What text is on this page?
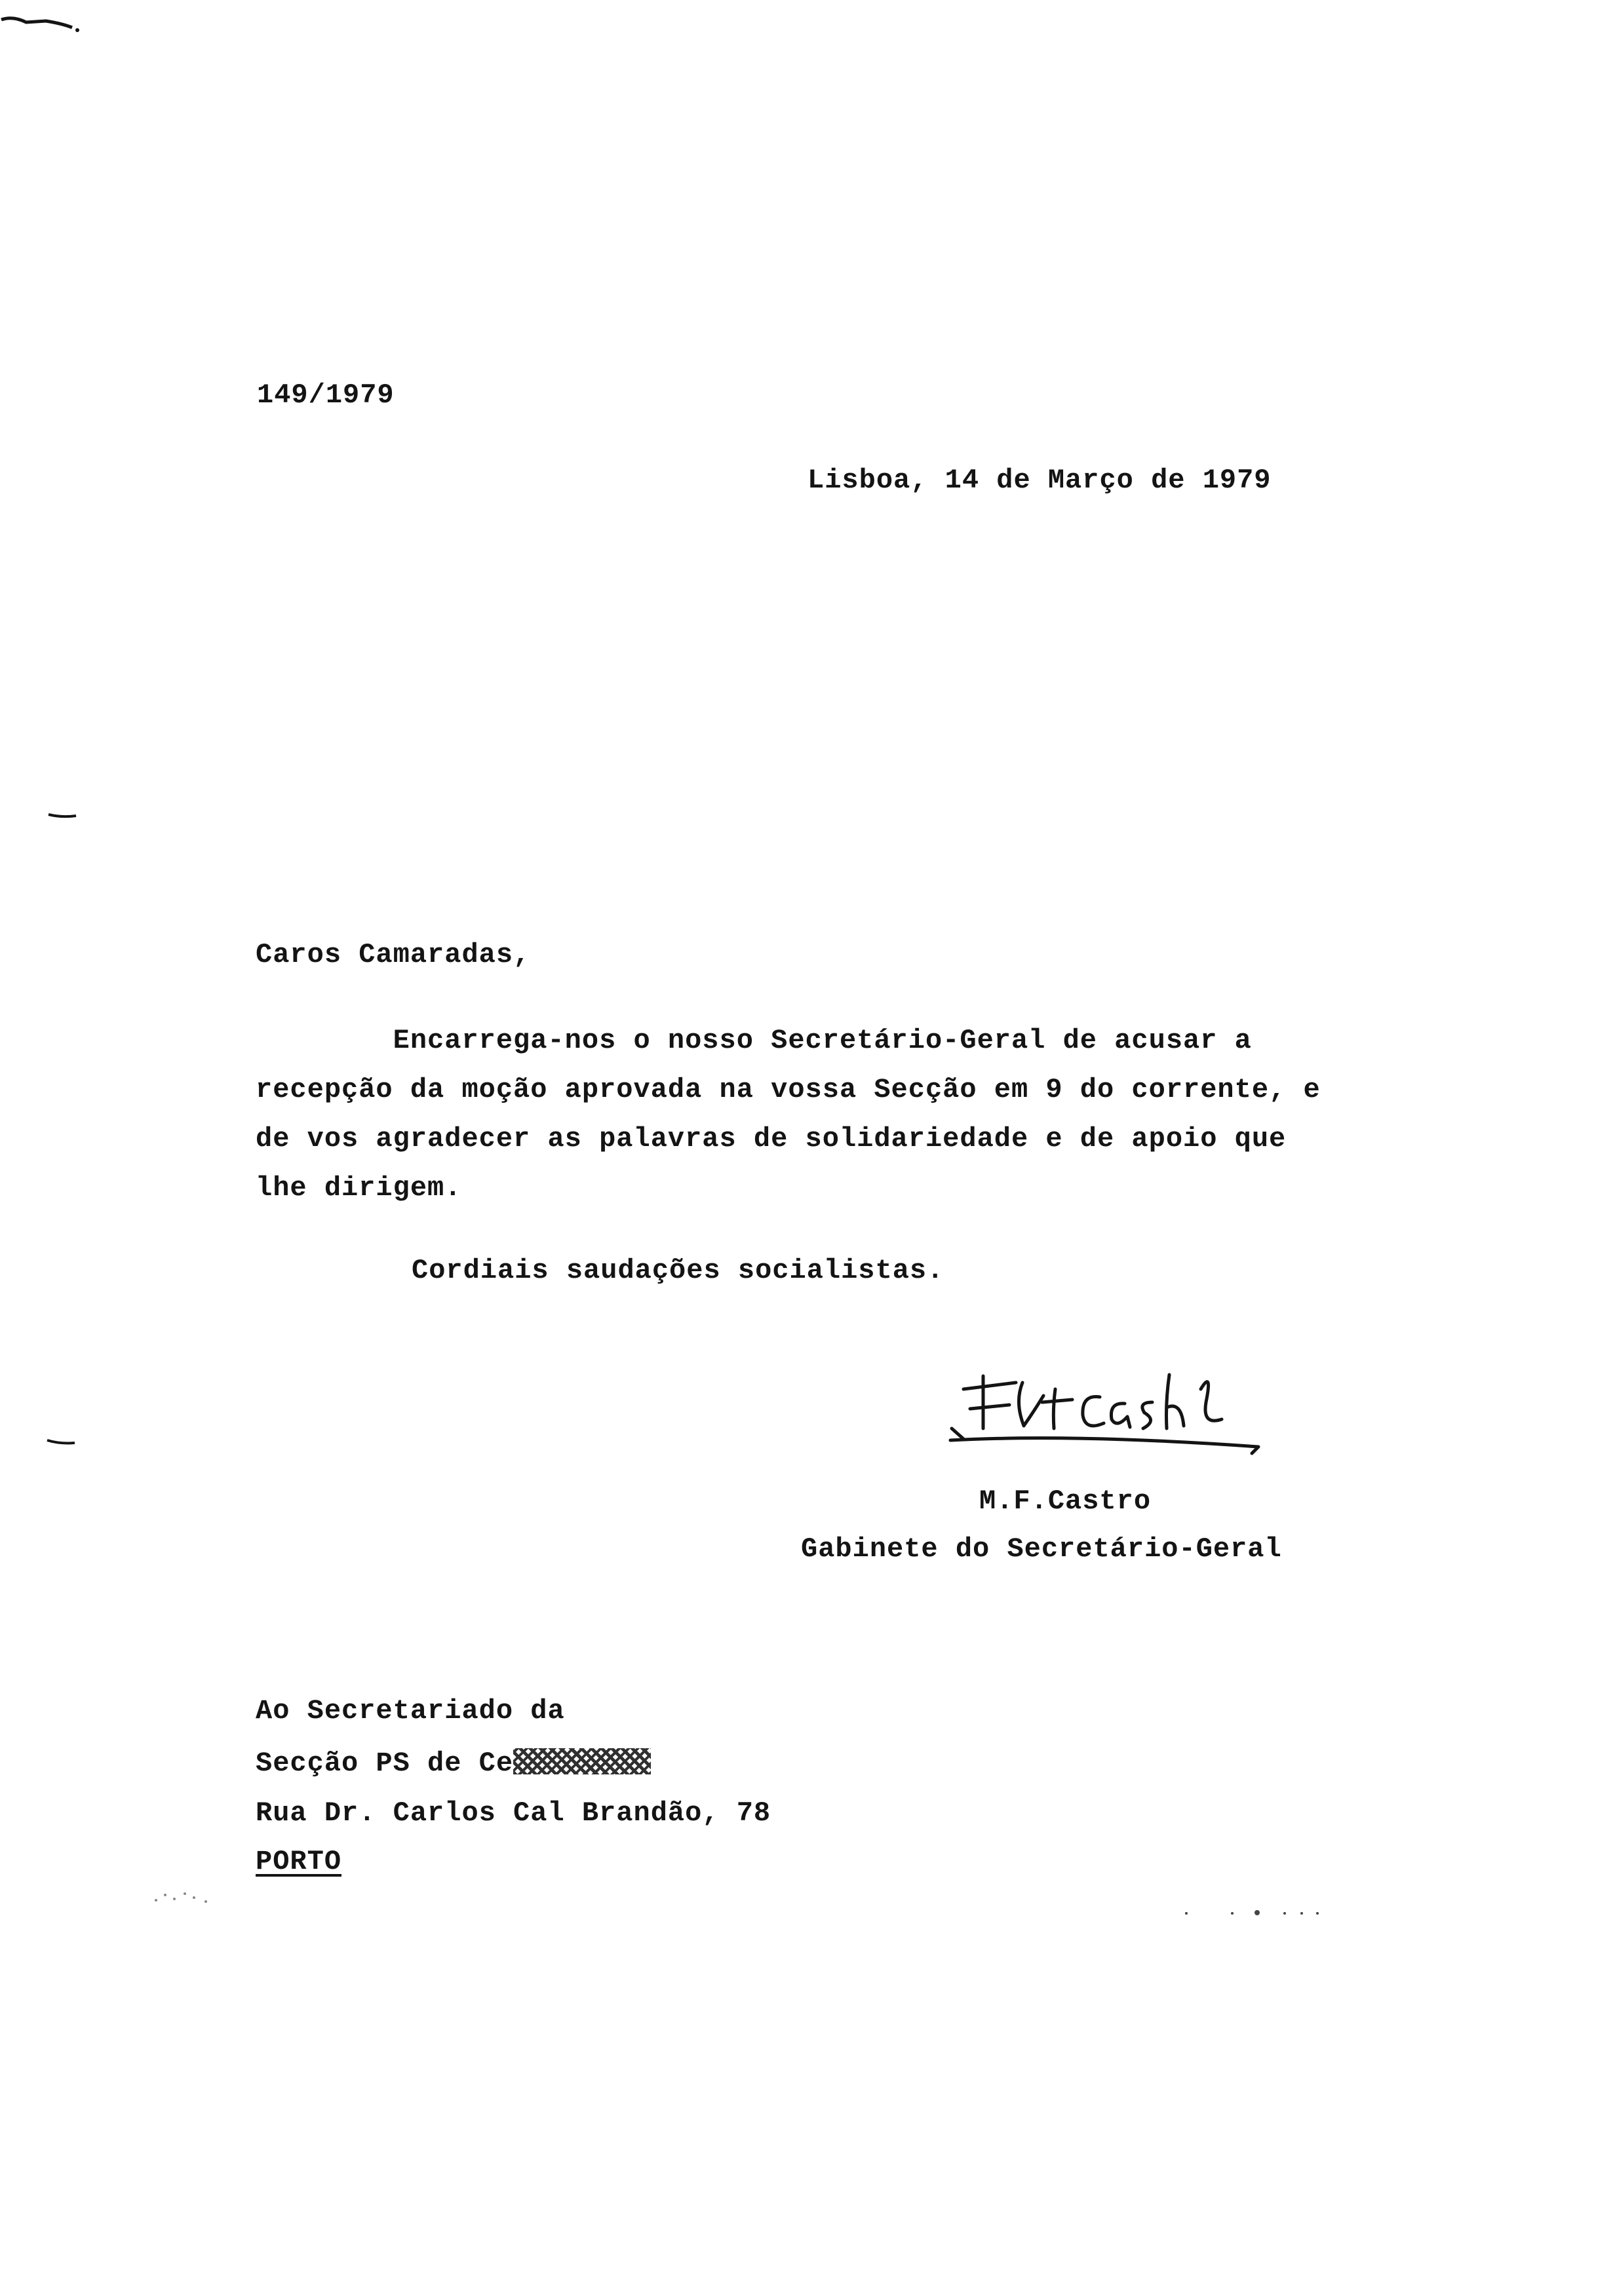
149/1979
Lisboa, 14 de Março de 1979
Caros Camaradas,
Encarrega-nos o nosso Secretário-Geral de acusar a
recepção da moção aprovada na vossa Secção em 9 do corrente, e
de vos agradecer as palavras de solidariedade e de apoio que
lhe dirigem.
Cordiais saudações socialistas.
M.F.Castro
Gabinete do Secretário-Geral
Ao Secretariado da
Secção PS de Ce
Rua Dr. Carlos Cal Brandão, 78
PORTO
